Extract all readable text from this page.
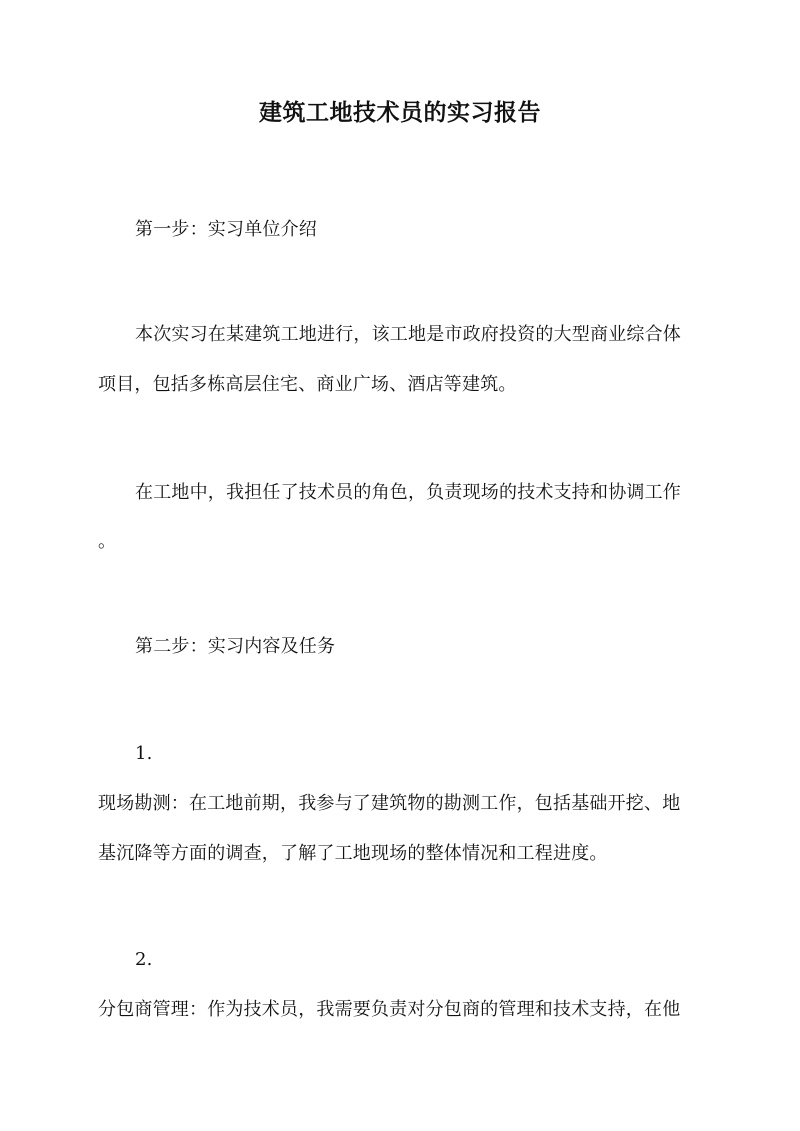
建筑工地技术员的实习报告
第一步：实习单位介绍
本次实习在某建筑工地进行，该工地是市政府投资的大型商业综合体
项目，包括多栋高层住宅、商业广场、酒店等建筑。
在工地中，我担任了技术员的角色，负责现场的技术支持和协调工作
。
第二步：实习内容及任务
1.
现场勘测：在工地前期，我参与了建筑物的勘测工作，包括基础开挖、地
基沉降等方面的调查，了解了工地现场的整体情况和工程进度。
2.
分包商管理：作为技术员，我需要负责对分包商的管理和技术支持，在他
